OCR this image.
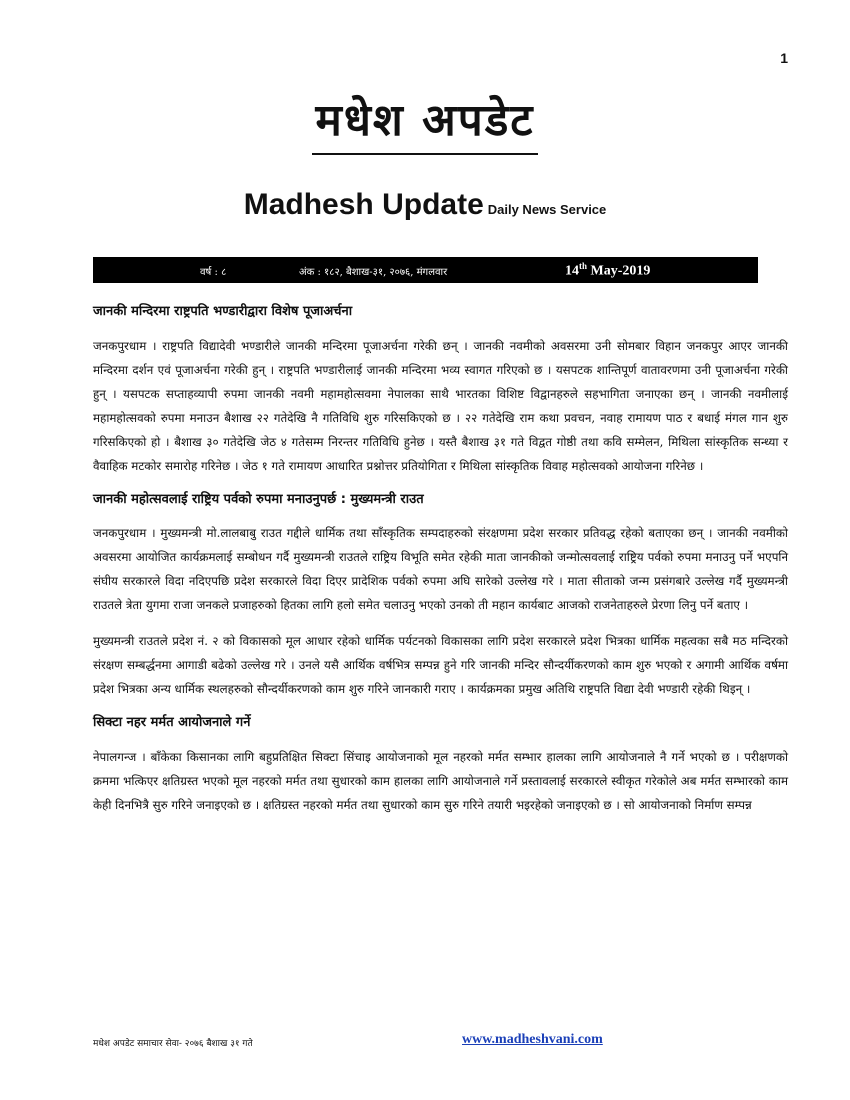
1
मधेश अपडेट
Madhesh Update Daily News Service
वर्ष : ८	अंक : १८२, बैशाख-३१, २०७६, मंगलवार	14th May-2019
जानकी मन्दिरमा राष्ट्रपति भण्डारीद्वारा विशेष पूजाअर्चना

जनकपुरधाम । राष्ट्रपति विद्यादेवी भण्डारीले जानकी मन्दिरमा पूजाअर्चना गरेकी छन् । जानकी नवमीको अवसरमा उनी सोमबार विहान जनकपुर आएर जानकी मन्दिरमा दर्शन एवं पूजाअर्चना गरेकी हुन् । राष्ट्रपति भण्डारीलाई जानकी मन्दिरमा भव्य स्वागत गरिएको छ । यसपटक शान्तिपूर्ण वातावरणमा उनी पूजाअर्चना गरेकी हुन् । यसपटक सप्ताहव्यापी रुपमा जानकी नवमी महामहोत्सवमा नेपालका साथै भारतका विशिष्ट विद्वानहरुले सहभागिता जनाएका छन् । जानकी नवमीलाई महामहोत्सवको रुपमा मनाउन बैशाख २२ गतेदेखि नै गतिविधि शुरु गरिसकिएको छ । २२ गतेदेखि राम कथा प्रवचन, नवाह रामायण पाठ र बधाई मंगल गान शुरु गरिसकिएको हो । बैशाख ३० गतेदेखि जेठ ४ गतेसम्म निरन्तर गतिविधि हुनेछ । यस्तै बैशाख ३१ गते विद्वत गोष्ठी तथा कवि सम्मेलन, मिथिला सांस्कृतिक सन्ध्या र वैवाहिक मटकोर समारोह गरिनेछ । जेठ १ गते रामायण आधारित प्रश्नोत्तर प्रतियोगिता र मिथिला सांस्कृतिक विवाह महोत्सवको आयोजना गरिनेछ ।

जानकी महोत्सवलाई राष्ट्रिय पर्वको रुपमा मनाउनुपर्छ : मुख्यमन्त्री राउत

जनकपुरधाम । मुख्यमन्त्री मो.लालबाबु राउत गद्दीले धार्मिक तथा साँस्कृतिक सम्पदाहरुको संरक्षणमा प्रदेश सरकार प्रतिवद्ध रहेको बताएका छन् । जानकी नवमीको अवसरमा आयोजित कार्यक्रमलाई सम्बोधन गर्दै मुख्यमन्त्री राउतले राष्ट्रिय विभूति समेत रहेकी माता जानकीको जन्मोत्सवलाई राष्ट्रिय पर्वको रुपमा मनाउनु पर्ने भएपनि संघीय सरकारले विदा नदिएपछि प्रदेश सरकारले विदा दिएर प्रादेशिक पर्वको रुपमा अघि सारेको उल्लेख गरे । माता सीताको जन्म प्रसंगबारे उल्लेख गर्दै मुख्यमन्त्री राउतले त्रेता युगमा राजा जनकले प्रजाहरुको हितका लागि हलो समेत चलाउनु भएको उनको ती महान कार्यबाट आजको राजनेताहरुले प्रेरणा लिनु पर्ने बताए ।

मुख्यमन्त्री राउतले प्रदेश नं. २ को विकासको मूल आधार रहेको धार्मिक पर्यटनको विकासका लागि प्रदेश सरकारले प्रदेश भित्रका धार्मिक महत्वका सबै मठ मन्दिरको संरक्षण सम्बर्द्धनमा आगाडी बढेको उल्लेख गरे । उनले यसै आर्थिक वर्षभित्र सम्पन्न हुने गरि जानकी मन्दिर सौन्दर्यीकरणको काम शुरु भएको र अगामी आर्थिक वर्षमा प्रदेश भित्रका अन्य धार्मिक स्थलहरुको सौन्दर्यीकरणको काम शुरु गरिने जानकारी गराए । कार्यक्रमका प्रमुख अतिथि राष्ट्रपति विद्या देवी भण्डारी रहेकी थिइन् ।

सिक्टा नहर मर्मत आयोजनाले गर्ने

नेपालगन्ज । बाँकेका किसानका लागि बहुप्रतिक्षित सिक्टा सिंचाइ आयोजनाको मूल नहरको मर्मत सम्भार हालका लागि आयोजनाले नै गर्ने भएको छ । परीक्षणको क्रममा भत्किएर क्षतिग्रस्त भएको मूल नहरको मर्मत तथा सुधारको काम हालका लागि आयोजनाले गर्ने प्रस्तावलाई सरकारले स्वीकृत गरेकोले अब मर्मत सम्भारको काम केही दिनभित्रै सुरु गरिने जनाइएको छ । क्षतिग्रस्त नहरको मर्मत तथा सुधारको काम सुरु गरिने तयारी भइरहेको जनाइएको छ । सो आयोजनाको निर्माण सम्पन्न

मधेश अपडेट समाचार सेवा- २०७६ बैशाख ३१ गते	www.madheshvani.com
